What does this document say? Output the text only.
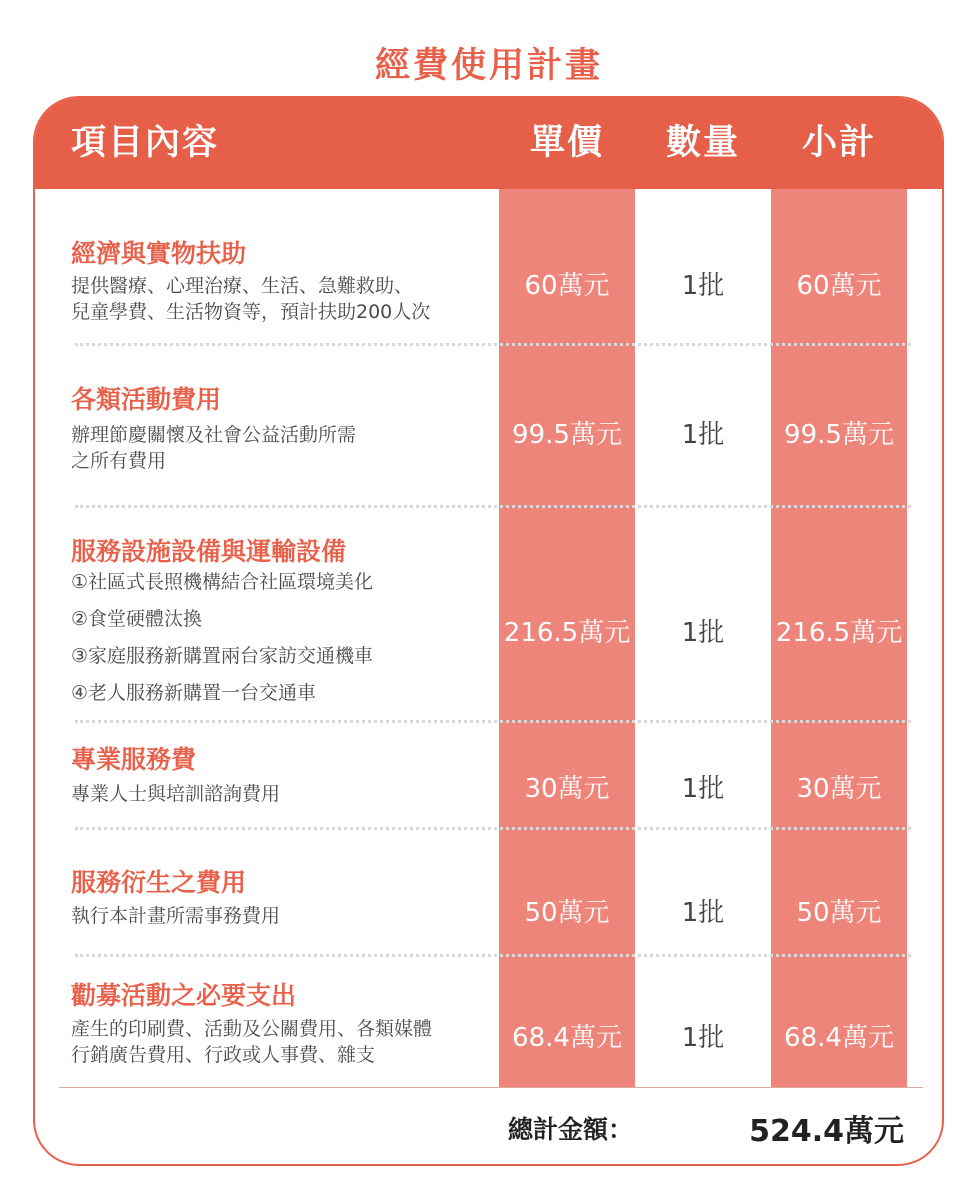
經費使用計畫
項目內容	單價	數量	小計
經濟與實物扶助
提供醫療、心理治療、生活、急難救助、
兒童學費、生活物資等，預計扶助200人次
60萬元	1批	60萬元
各類活動費用
辦理節慶關懷及社會公益活動所需
之所有費用
99.5萬元	1批	99.5萬元
服務設施設備與運輸設備
①社區式長照機構結合社區環境美化
②食堂硬體汰換
③家庭服務新購置兩台家訪交通機車
④老人服務新購置一台交通車
216.5萬元	1批	216.5萬元
專業服務費
專業人士與培訓諮詢費用	30萬元	1批	30萬元
服務衍生之費用
執行本計畫所需事務費用	50萬元	1批	50萬元
勸募活動之必要支出
產生的印刷費、活動及公關費用、各類媒體
行銷廣告費用、行政或人事費、雜支
68.4萬元	1批	68.4萬元
總計金額：	524.4萬元
